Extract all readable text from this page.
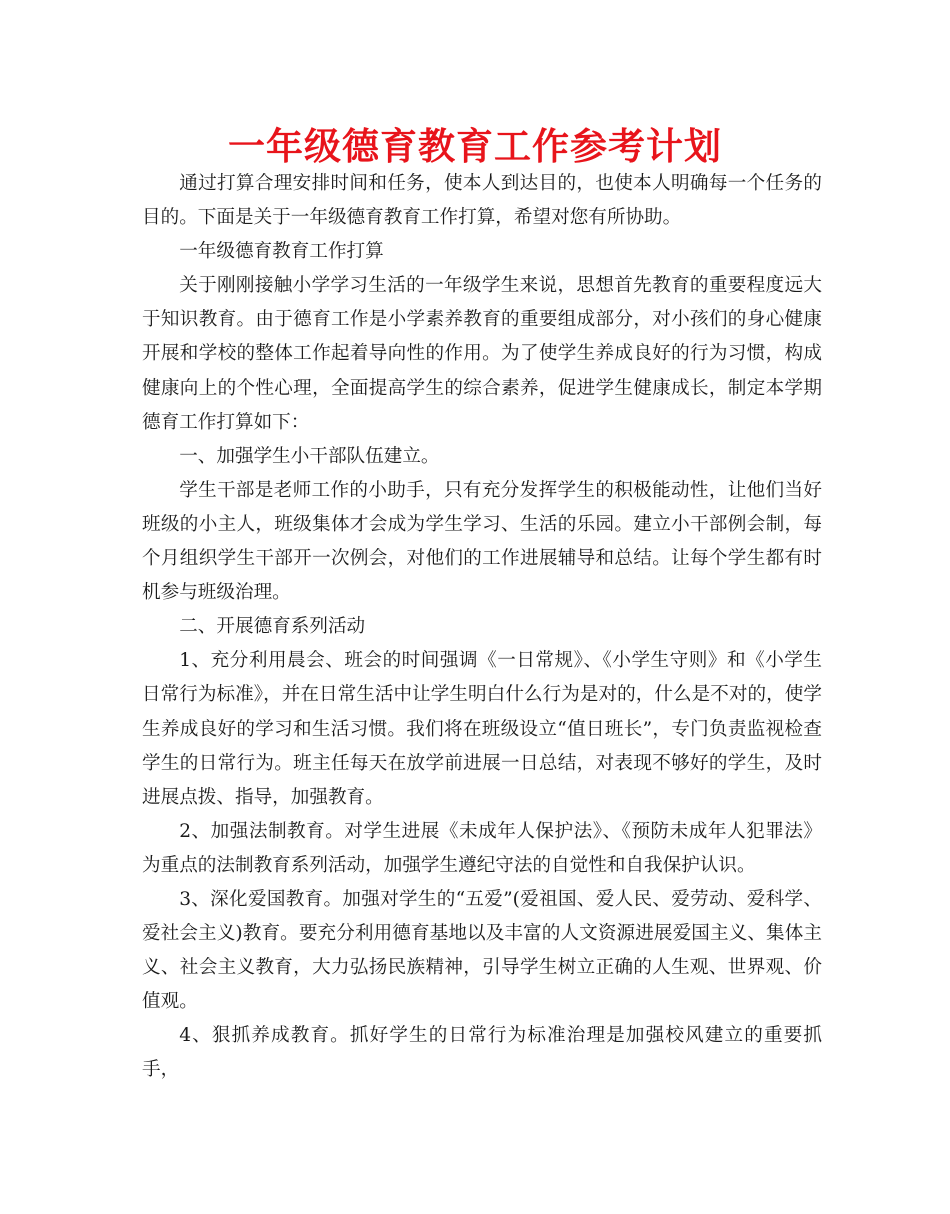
一年级德育教育工作参考计划

通过打算合理安排时间和任务，使本人到达目的，也使本人明确每一个任务的目的。下面是关于一年级德育教育工作打算，希望对您有所协助。

一年级德育教育工作打算

关于刚刚接触小学学习生活的一年级学生来说，思想首先教育的重要程度远大于知识教育。由于德育工作是小学素养教育的重要组成部分，对小孩们的身心健康开展和学校的整体工作起着导向性的作用。为了使学生养成良好的行为习惯，构成健康向上的个性心理，全面提高学生的综合素养，促进学生健康成长，制定本学期德育工作打算如下：

一、加强学生小干部队伍建立。

学生干部是老师工作的小助手，只有充分发挥学生的积极能动性，让他们当好班级的小主人，班级集体才会成为学生学习、生活的乐园。建立小干部例会制，每个月组织学生干部开一次例会，对他们的工作进展辅导和总结。让每个学生都有时机参与班级治理。

二、开展德育系列活动

1、充分利用晨会、班会的时间强调《一日常规》、《小学生守则》和《小学生日常行为标准》，并在日常生活中让学生明白什么行为是对的，什么是不对的，使学生养成良好的学习和生活习惯。我们将在班级设立“值日班长”，专门负责监视检查学生的日常行为。班主任每天在放学前进展一日总结，对表现不够好的学生，及时进展点拨、指导，加强教育。

2、加强法制教育。对学生进展《未成年人保护法》、《预防未成年人犯罪法》为重点的法制教育系列活动，加强学生遵纪守法的自觉性和自我保护认识。

3、深化爱国教育。加强对学生的“五爱”(爱祖国、爱人民、爱劳动、爱科学、爱社会主义)教育。要充分利用德育基地以及丰富的人文资源进展爱国主义、集体主义、社会主义教育，大力弘扬民族精神，引导学生树立正确的人生观、世界观、价值观。

4、狠抓养成教育。抓好学生的日常行为标准治理是加强校风建立的重要抓手，
